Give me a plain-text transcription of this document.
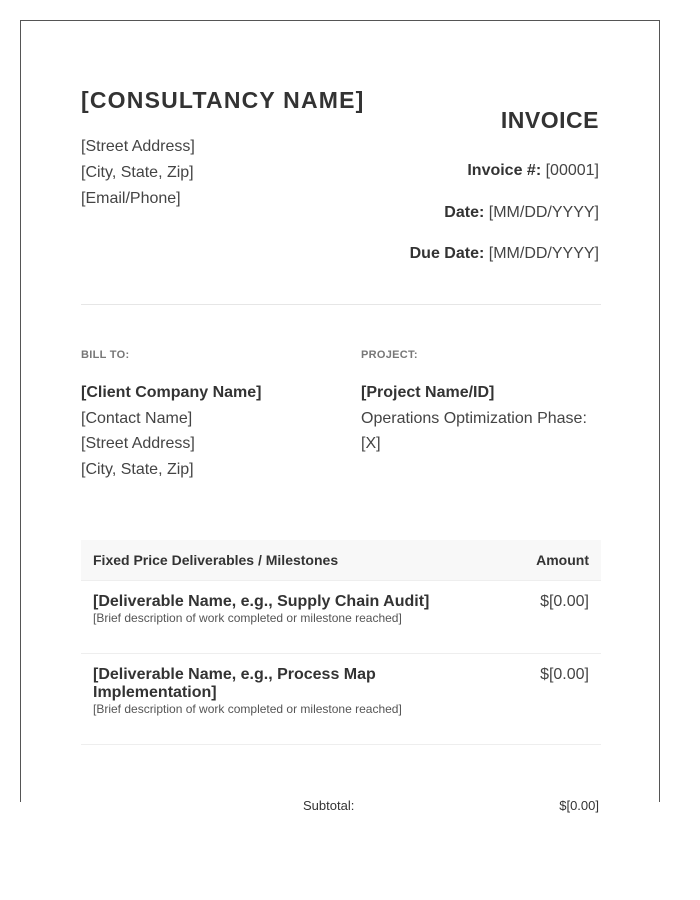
[CONSULTANCY NAME]
[Street Address]
[City, State, Zip]
[Email/Phone]
INVOICE
Invoice #: [00001]
Date: [MM/DD/YYYY]
Due Date: [MM/DD/YYYY]
BILL TO:
[Client Company Name]
[Contact Name]
[Street Address]
[City, State, Zip]
PROJECT:
[Project Name/ID]
Operations Optimization Phase:
[X]
Fixed Price Deliverables / Milestones	Amount
[Deliverable Name, e.g., Supply Chain Audit]
[Brief description of work completed or milestone reached]
$[0.00]
[Deliverable Name, e.g., Process Map Implementation]
[Brief description of work completed or milestone reached]
$[0.00]
Subtotal:	$[0.00]
